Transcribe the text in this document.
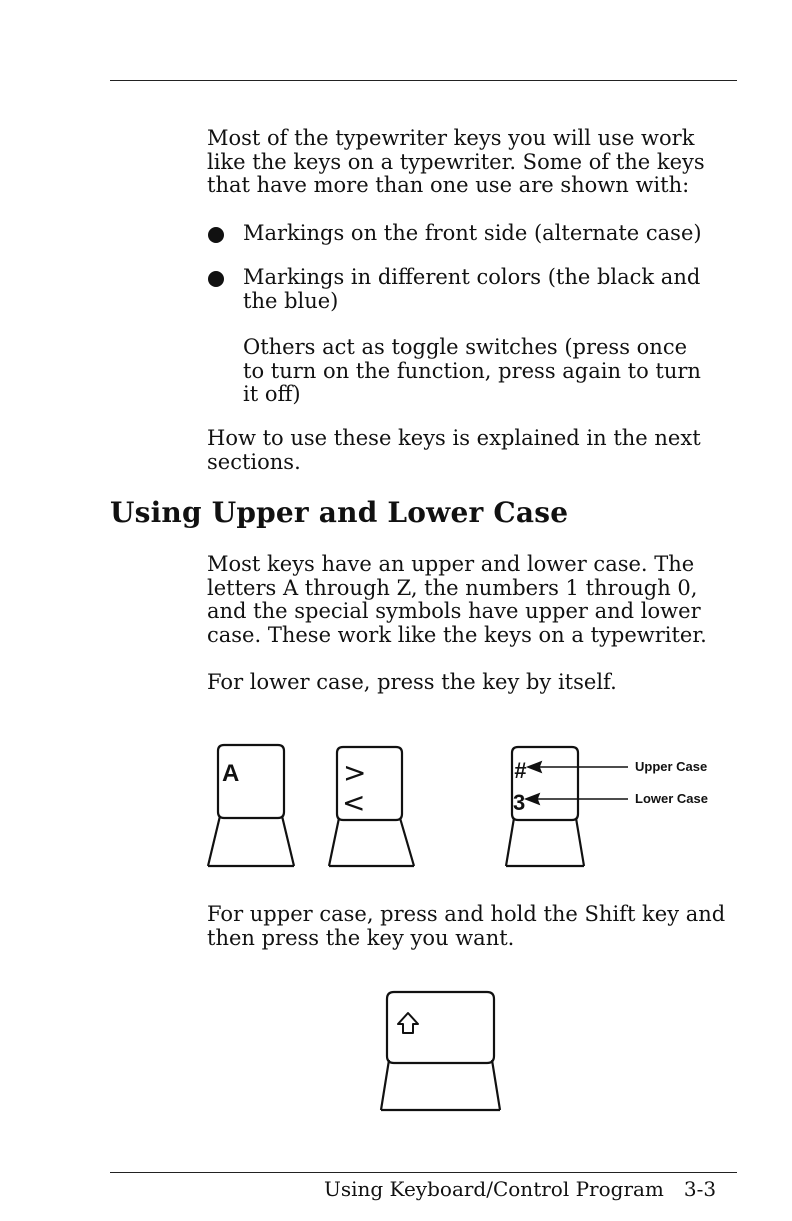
Most of the typewriter keys you will use work like the keys on a typewriter. Some of the keys that have more than one use are shown with:
Markings on the front side (alternate case)
Markings in different colors (the black and the blue)
Others act as toggle switches (press once to turn on the function, press again to turn it off)
How to use these keys is explained in the next sections.
Using Upper and Lower Case
Most keys have an upper and lower case. The letters A through Z, the numbers 1 through 0, and the special symbols have upper and lower case. These work like the keys on a typewriter.
For lower case, press the key by itself.
A	>
<
#
3
Upper Case
Lower Case
For upper case, press and hold the Shift key and then press the key you want.
Using Keyboard/Control Program 3-3
